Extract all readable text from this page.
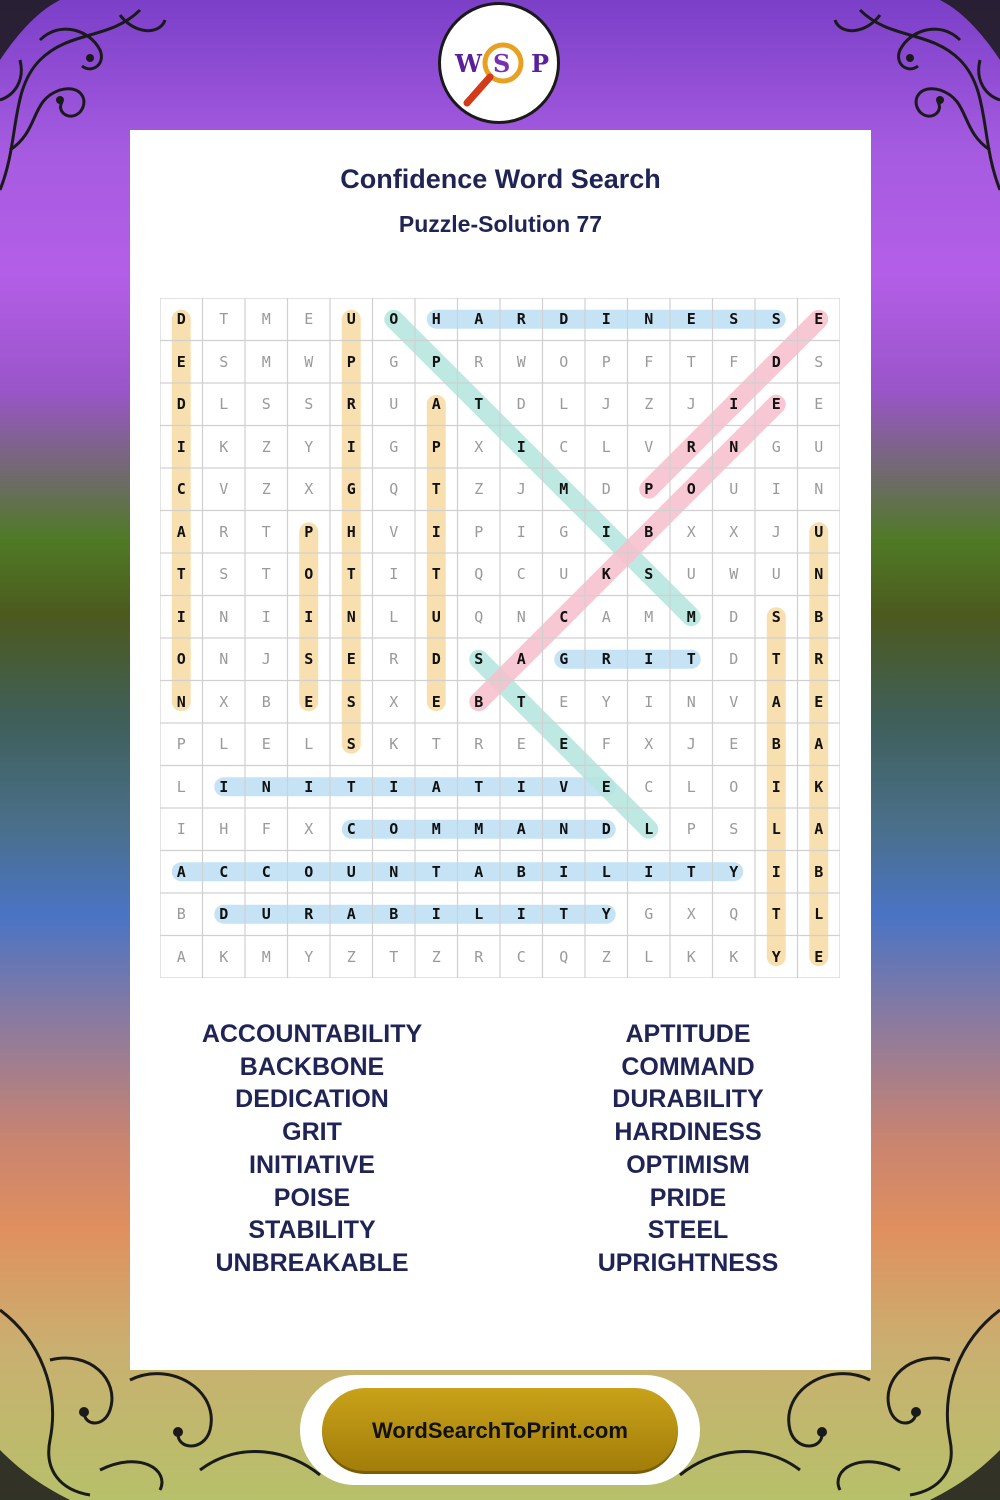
Confidence Word Search
Puzzle-Solution 77
W S P
D	T	M	E	U	O	H	A	R	D	I	N	E	S	S	E
E	S	M	W	P	G	P	R	W	O	P	F	T	F	D	S
D	L	S	S	R	U	A	T	D	L	J	Z	J	I	E	E
I	K	Z	Y	I	G	P	X	I	C	L	V	R	N	G	U
C	V	Z	X	G	Q	T	Z	J	M	D	P	O	U	I	N
A	R	T	P	H	V	I	P	I	G	I	B	X	X	J	U
T	S	T	O	T	I	T	Q	C	U	K	S	U	W	U	N
I	N	I	I	N	L	U	Q	N	C	A	M	M	D	S	B
O	N	J	S	E	R	D	S	A	G	R	I	T	D	T	R
N	X	B	E	S	X	E	B	T	E	Y	I	N	V	A	E
P	L	E	L	S	K	T	R	E	E	F	X	J	E	B	A
L	I	N	I	T	I	A	T	I	V	E	C	L	O	I	K
I	H	F	X	C	O	M	M	A	N	D	L	P	S	L	A
A	C	C	O	U	N	T	A	B	I	L	I	T	Y	I	B
B	D	U	R	A	B	I	L	I	T	Y	G	X	Q	T	L
A	K	M	Y	Z	T	Z	R	C	Q	Z	L	K	K	Y	E
ACCOUNTABILITY
BACKBONE
DEDICATION
GRIT
INITIATIVE
POISE
STABILITY
UNBREAKABLE
APTITUDE
COMMAND
DURABILITY
HARDINESS
OPTIMISM
PRIDE
STEEL
UPRIGHTNESS
WordSearchToPrint.com
